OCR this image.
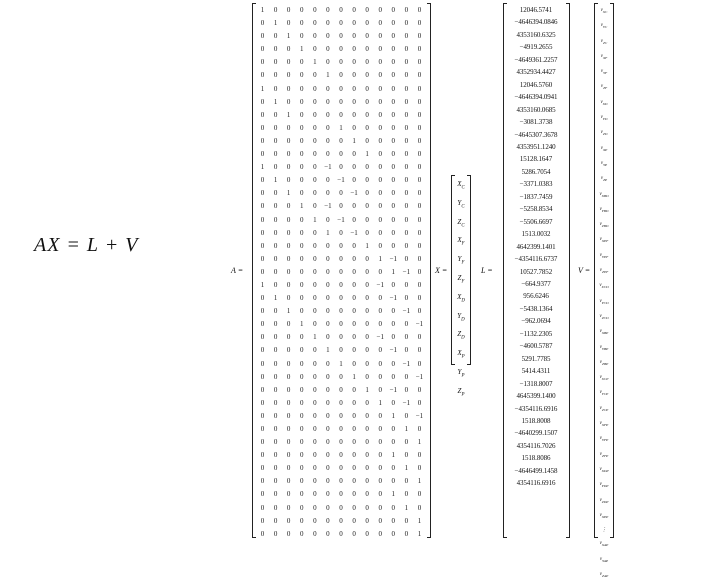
AX = L + V
A =
1	0	0	0	0	0	0	0	0	0	0	0	0
0	1	0	0	0	0	0	0	0	0	0	0	0
0	0	1	0	0	0	0	0	0	0	0	0	0
0	0	0	1	0	0	0	0	0	0	0	0	0
0	0	0	0	1	0	0	0	0	0	0	0	0
0	0	0	0	0	1	0	0	0	0	0	0	0
1	0	0	0	0	0	0	0	0	0	0	0	0
0	1	0	0	0	0	0	0	0	0	0	0	0
0	0	1	0	0	0	0	0	0	0	0	0	0
0	0	0	0	0	0	1	0	0	0	0	0	0
0	0	0	0	0	0	0	1	0	0	0	0	0
0	0	0	0	0	0	0	0	1	0	0	0	0
1	0	0	0	0	−1	0	0	0	0	0	0	0
0	1	0	0	0	0	−1	0	0	0	0	0	0
0	0	1	0	0	0	0	−1	0	0	0	0	0
0	0	0	1	0	−1	0	0	0	0	0	0	0
0	0	0	0	1	0	−1	0	0	0	0	0	0
0	0	0	0	0	1	0	−1	0	0	0	0	0
0	0	0	0	0	0	0	0	1	0	0	0	0
0	0	0	0	0	0	0	0	0	1	−1	0	0
0	0	0	0	0	0	0	0	0	0	1	−1	0
1	0	0	0	0	0	0	0	0	−1	0	0	0
0	1	0	0	0	0	0	0	0	0	−1	0	0
0	0	1	0	0	0	0	0	0	0	0	−1	0
0	0	0	1	0	0	0	0	0	0	0	0	−1
0	0	0	0	1	0	0	0	0	−1	0	0	0
0	0	0	0	0	1	0	0	0	0	−1	0	0
0	0	0	0	0	0	1	0	0	0	0	−1	0
0	0	0	0	0	0	0	1	0	0	0	0	−1
0	0	0	0	0	0	0	0	1	0	−1	0	0
0	0	0	0	0	0	0	0	0	1	0	−1	0
0	0	0	0	0	0	0	0	0	0	1	0	−1
0	0	0	0	0	0	0	0	0	0	0	1	0
0	0	0	0	0	0	0	0	0	0	0	0	1
0	0	0	0	0	0	0	0	0	0	1	0	0
0	0	0	0	0	0	0	0	0	0	0	1	0
0	0	0	0	0	0	0	0	0	0	0	0	1
0	0	0	0	0	0	0	0	0	0	1	0	0
0	0	0	0	0	0	0	0	0	0	0	1	0
0	0	0	0	0	0	0	0	0	0	0	0	1
0	0	0	0	0	0	0	0	0	0	0	0	1
X =
$X_C$
$Y_C$
$Z_C$
$X_F$
$Y_F$
$Z_F$
$X_D$
$Y_D$
$Z_D$
$X_P$
$Y_P$
$Z_P$
L =
12046.5741
−4646394.0846
4353160.6325
−4919.2655
−4649361.2257
4352934.4427
12046.5760
−4646394.0941
4353160.0685
−3081.3738
−4645307.3678
4353951.1240
15128.1647
5286.7054
−3371.0383
−1837.7459
−5258.8534
−5506.6697
1513.0032
4642399.1401
−4354116.6737
10527.7852
−664.9377
956.6246
−5438.1364
−962.0694
−1132.2305
−4600.5787
5291.7785
5414.4311
−1318.8007
4645399.1400
−4354116.6916
1518.8008
−4640299.1507
4354116.7026
1518.8086
−4646499.1458
4354116.6916
V =
$v_{XC}$
$v_{YC}$
$v_{ZC}$
$v_{XF}$
$v_{YF}$
$v_{ZF}$
$v_{XD}$
$v_{YD}$
$v_{ZD}$
$v_{XP}$
$v_{YP}$
$v_{ZP}$
$v_{XBD}$
$v_{YBD}$
$v_{ZBD}$
$v_{XEF}$
$v_{YEF}$
$v_{ZEF}$
$v_{XCD}$
$v_{YCD}$
$v_{ZCD}$
$v_{XBP}$
$v_{YBP}$
$v_{ZBP}$
$v_{XCP}$
$v_{YCP}$
$v_{ZCP}$
$v_{XFP}$
$v_{YFP}$
$v_{ZFP}$
$v_{XDP}$
$v_{YDP}$
$v_{ZDP}$
$v_{XEP}$
⋮
$v_{XAP}$
$v_{YAP}$
$v_{ZAP}$
